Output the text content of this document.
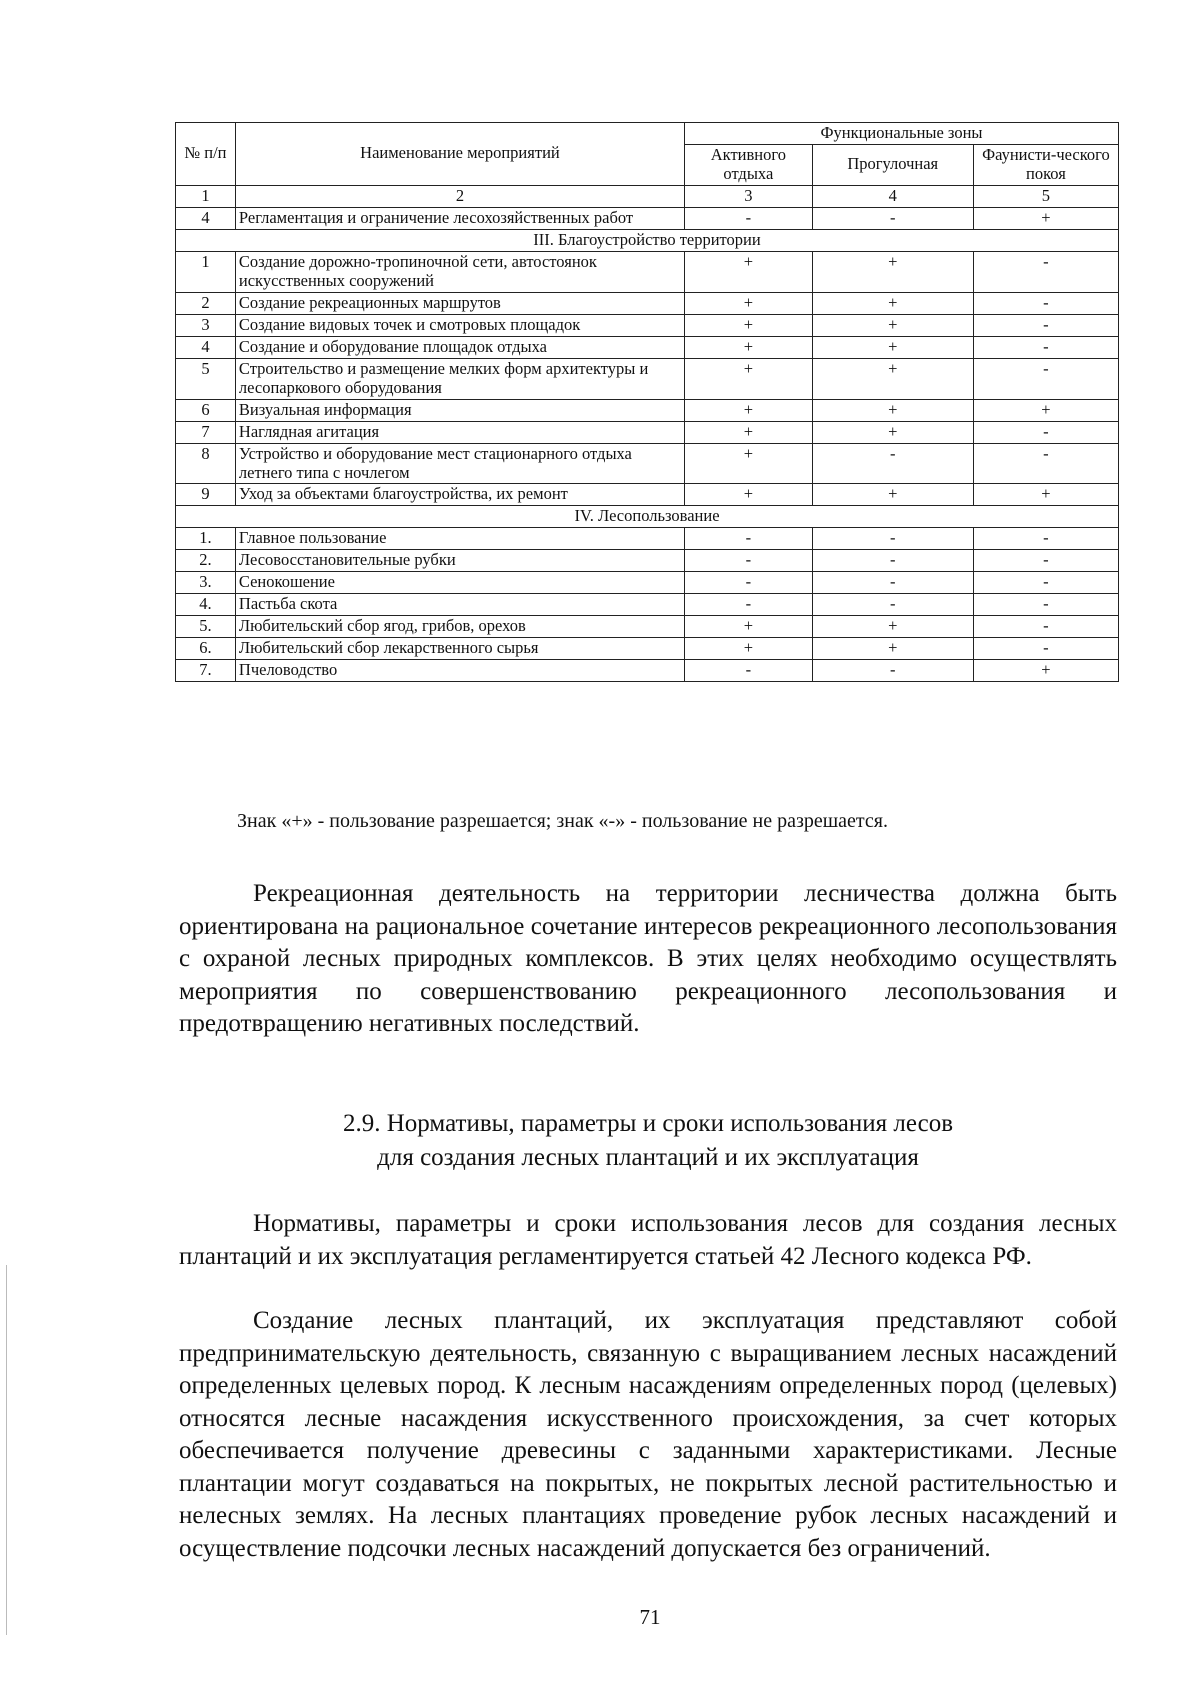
№ п/п	Наименование мероприятий	Функциональные зоны		
		Активного отдыха	Прогулочная	Фаунисти-ческого покоя
1	2	3	4	5
4	Регламентация и ограничение лесохозяйственных работ	-	-	+
III. Благоустройство территории				
1	Создание дорожно-тропиночной сети, автостоянок искусственных сооружений	+	+	-
2	Создание рекреационных маршрутов	+	+	-
3	Создание видовых точек и смотровых площадок	+	+	-
4	Создание и оборудование площадок отдыха	+	+	-
5	Строительство и размещение мелких форм архитектуры и лесопаркового оборудования	+	+	-
6	Визуальная информация	+	+	+
7	Наглядная агитация	+	+	-
8	Устройство и оборудование мест стационарного отдыха летнего типа с ночлегом	+	-	-
9	Уход за объектами благоустройства, их ремонт	+	+	+
IV. Лесопользование				
1.	Главное пользование	-	-	-
2.	Лесовосстановительные рубки	-	-	-
3.	Сенокошение	-	-	-
4.	Пастьба скота	-	-	-
5.	Любительский сбор ягод, грибов, орехов	+	+	-
6.	Любительский сбор лекарственного сырья	+	+	-
7.	Пчеловодство	-	-	+
Знак «+» - пользование разрешается; знак «-» - пользование не разрешается.

Рекреационная деятельность на территории лесничества должна быть ориентирована на рациональное сочетание интересов рекреационного лесопользования с охраной лесных природных комплексов. В этих целях необходимо осуществлять мероприятия по совершенствованию рекреационного лесопользования и предотвращению негативных последствий.

2.9. Нормативы, параметры и сроки использования лесов
для создания лесных плантаций и их эксплуатация

Нормативы, параметры и сроки использования лесов для создания лесных плантаций и их эксплуатация регламентируется статьей 42 Лесного кодекса РФ.

Создание лесных плантаций, их эксплуатация представляют собой предпринимательскую деятельность, связанную с выращиванием лесных насаждений определенных целевых пород. К лесным насаждениям определенных пород (целевых) относятся лесные насаждения искусственного происхождения, за счет которых обеспечивается получение древесины с заданными характеристиками. Лесные плантации могут создаваться на покрытых, не покрытых лесной растительностью и нелесных землях. На лесных плантациях проведение рубок лесных насаждений и осуществление подсочки лесных насаждений допускается без ограничений.

71
